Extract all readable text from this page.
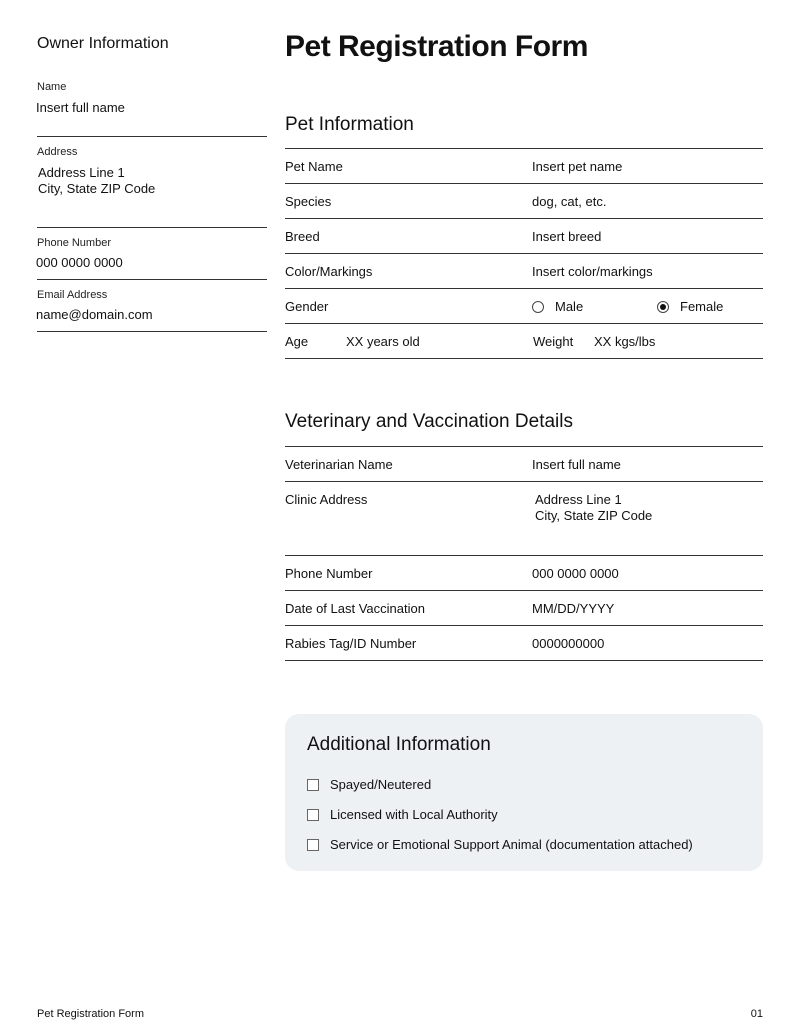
Owner Information
Name
Insert full name
Address
Address Line 1
City, State ZIP Code
Phone Number
000 0000 0000
Email Address
name@domain.com
Pet Registration Form
Pet Information
Pet Name	Insert pet name
Species	dog, cat, etc.
Breed	Insert breed
Color/Markings	Insert color/markings
Gender	Male	Female
Age	XX years old	Weight XX kgs/lbs
Veterinary and Vaccination Details
Veterinarian Name	Insert full name
Clinic Address	Address Line 1
City, State ZIP Code
Phone Number	000 0000 0000
Date of Last Vaccination	MM/DD/YYYY
Rabies Tag/ID Number	0000000000
Additional Information
Spayed/Neutered
Licensed with Local Authority
Service or Emotional Support Animal (documentation attached)
Pet Registration Form	01
